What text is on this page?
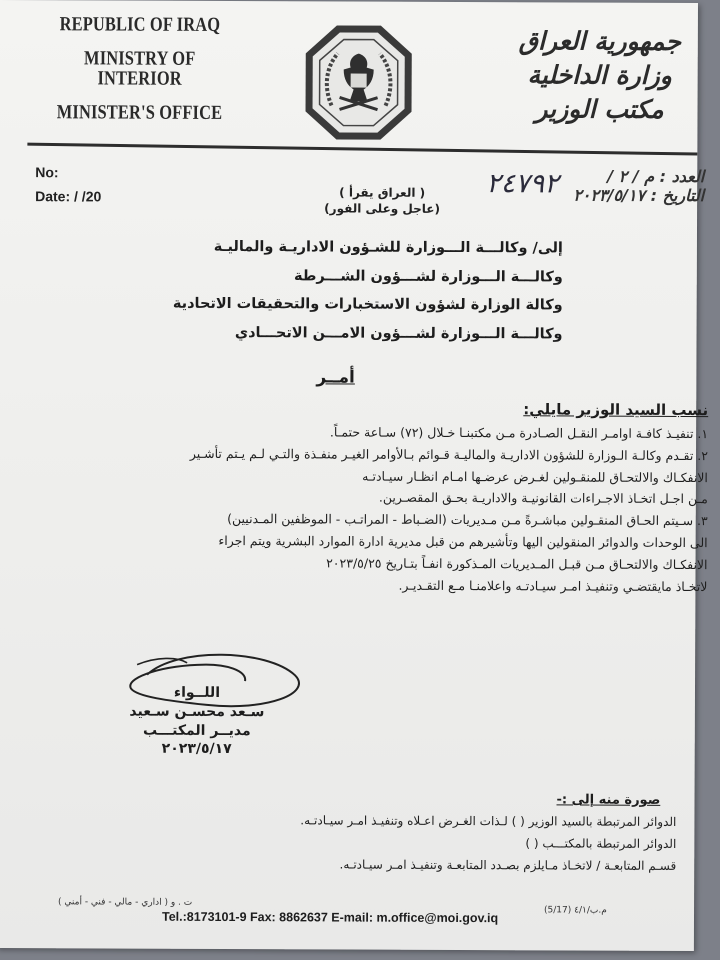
REPUBLIC OF IRAQ
MINISTRY OF INTERIOR
MINISTER'S OFFICE
جمهورية العراق
وزارة الداخلية
مكتب الوزير
No:
Date: / /20
العدد : م / ٢ /
التاريخ : ٢٠٢٣/٥/١٧
٢٤٧٩٢
( العراق يقرأ )
(عاجل وعلى الفور)
إلى/ وكالـــة الـــوزارة للشـؤون الاداريـة والماليـة
وكالـــة الـــوزارة لشـــؤون الشـــرطة
وكالة الوزارة لشؤون الاستخبارات والتحقيقات الاتحادية
وكالـــة الـــوزارة لشـــؤون الامـــن الاتحـــادي
أمــر
نسب السيد الوزير مايلي:
١. تنفيـذ كافـة اوامـر النقـل الصـادرة مـن مكتبنـا خـلال (٧٢) سـاعة حتمـاً.
٢. تقـدم وكالـة الـوزارة للشؤون الاداريـة والماليـة قـوائم بـالأوامر الغيـر منفـذة والتـي لـم يـتم تأشـير
الانفكـاك والالتحـاق للمنقـولين لغـرض عرضـها امـام انظـار سيـادتـه
مـن اجـل اتخـاذ الاجـراءات القانونيـة والاداريـة بحـق المقصـرين.
٣. سـيتم الحـاق المنقـولين مباشـرةً مـن مـديريات (الضـباط - المراتـب - الموظفين المـدنيين)
الى الوحدات والدوائر المنقولين اليها وتأشيرهم من قبل مديرية ادارة الموارد البشرية ويتم اجراء
الانفكـاك والالتحـاق مـن قبـل المـديريات المـذكورة انفـاً بتـاريخ ٢٠٢٣/٥/٢٥
لاتخـاذ مايقتضـي وتنفيـذ امـر سيـادتـه واعلامنـا مـع التقـديـر.
اللــواء
سـعد محسـن سـعيد
مديــر المكتـــب
٢٠٢٣/٥/١٧
صورة منه إلى :-
الدوائر المرتبطة بالسيد الوزير ( ) لـذات الغـرض اعـلاه وتنفيـذ امـر سيـادتـه.
الدوائر المرتبطة بالمكتـــب ( )
قسـم المتابعـة / لاتخـاذ مـايلزم بصـدد المتابعـة وتنفيـذ امـر سيـادتـه.
ت . و ( اداري - مالي - فني - أمني )
م.ب/٤/١ (5/17)
Tel.:8173101-9 Fax: 8862637 E-mail: m.office@moi.gov.iq
